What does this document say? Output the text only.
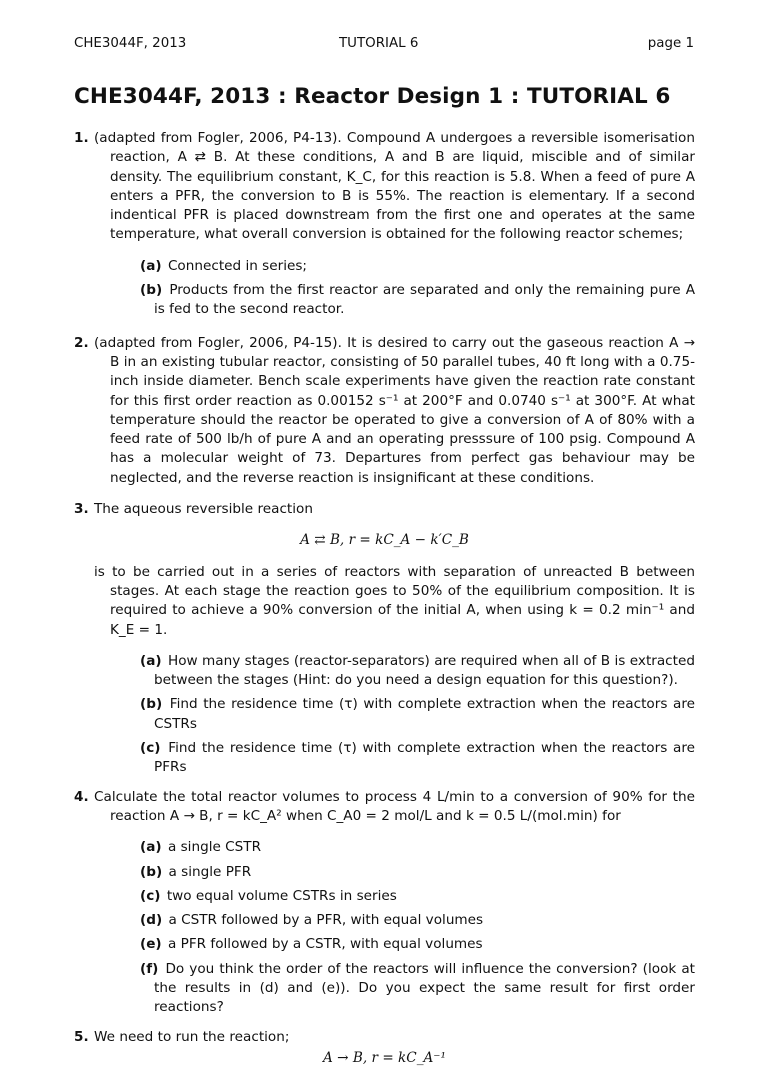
CHE3044F, 2013	TUTORIAL 6	page 1
CHE3044F, 2013 : Reactor Design 1 : TUTORIAL 6
1. (adapted from Fogler, 2006, P4-13). Compound A undergoes a reversible isomerisation reaction, A ⇄ B. At these conditions, A and B are liquid, miscible and of similar density. The equilibrium constant, K_C, for this reaction is 5.8. When a feed of pure A enters a PFR, the conversion to B is 55%. The reaction is elementary. If a second indentical PFR is placed downstream from the first one and operates at the same temperature, what overall conversion is obtained for the following reactor schemes;
(a) Connected in series;
(b) Products from the first reactor are separated and only the remaining pure A is fed to the second reactor.
2. (adapted from Fogler, 2006, P4-15). It is desired to carry out the gaseous reaction A → B in an existing tubular reactor, consisting of 50 parallel tubes, 40 ft long with a 0.75-inch inside diameter. Bench scale experiments have given the reaction rate constant for this first order reaction as 0.00152 s⁻¹ at 200°F and 0.0740 s⁻¹ at 300°F. At what temperature should the reactor be operated to give a conversion of A of 80% with a feed rate of 500 lb/h of pure A and an operating presssure of 100 psig. Compound A has a molecular weight of 73. Departures from perfect gas behaviour may be neglected, and the reverse reaction is insignificant at these conditions.
3. The aqueous reversible reaction
A ⇄ B, r = kC_A − k′C_B
is to be carried out in a series of reactors with separation of unreacted B between stages. At each stage the reaction goes to 50% of the equilibrium composition. It is required to achieve a 90% conversion of the initial A, when using k = 0.2 min⁻¹ and K_E = 1.
(a) How many stages (reactor-separators) are required when all of B is extracted between the stages (Hint: do you need a design equation for this question?).
(b) Find the residence time (τ) with complete extraction when the reactors are CSTRs
(c) Find the residence time (τ) with complete extraction when the reactors are PFRs
4. Calculate the total reactor volumes to process 4 L/min to a conversion of 90% for the reaction A → B, r = kC_A² when C_A0 = 2 mol/L and k = 0.5 L/(mol.min) for
(a) a single CSTR
(b) a single PFR
(c) two equal volume CSTRs in series
(d) a CSTR followed by a PFR, with equal volumes
(e) a PFR followed by a CSTR, with equal volumes
(f) Do you think the order of the reactors will influence the conversion? (look at the results in (d) and (e)). Do you expect the same result for first order reactions?
5. We need to run the reaction;
A → B, r = kC_A⁻¹
